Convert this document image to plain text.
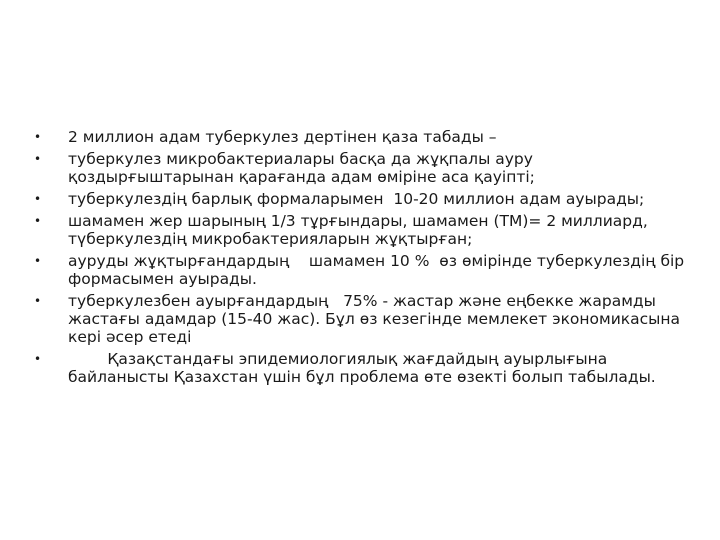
•	2 миллион адам туберкулез дертінен қаза табады –
•	туберкулез микробактериалары басқа да жұқпалы ауру қоздырғыштарынан қарағанда адам өміріне аса қауіпті;
•	туберкулездің барлық формаларымен  10-20 миллион адам ауырады;
•	шамамен жер шарының 1/3 тұрғындары, шамамен (ТМ)= 2 миллиард, түберкулездің микробактерияларын жұқтырған;
•	ауруды жұқтырғандардың    шамамен 10 %  өз өмірінде туберкулездің бір формасымен ауырады.
•	туберкулезбен ауырғандардың   75% - жастар және еңбекке жарамды  жастағы адамдар (15-40 жас). Бұл өз кезегінде мемлекет экономикасына кері әсер етеді
•	Қазақстандағы эпидемиологиялық жағдайдың ауырлығына байланысты Қазахстан үшін бұл проблема өте өзекті болып табылады.
